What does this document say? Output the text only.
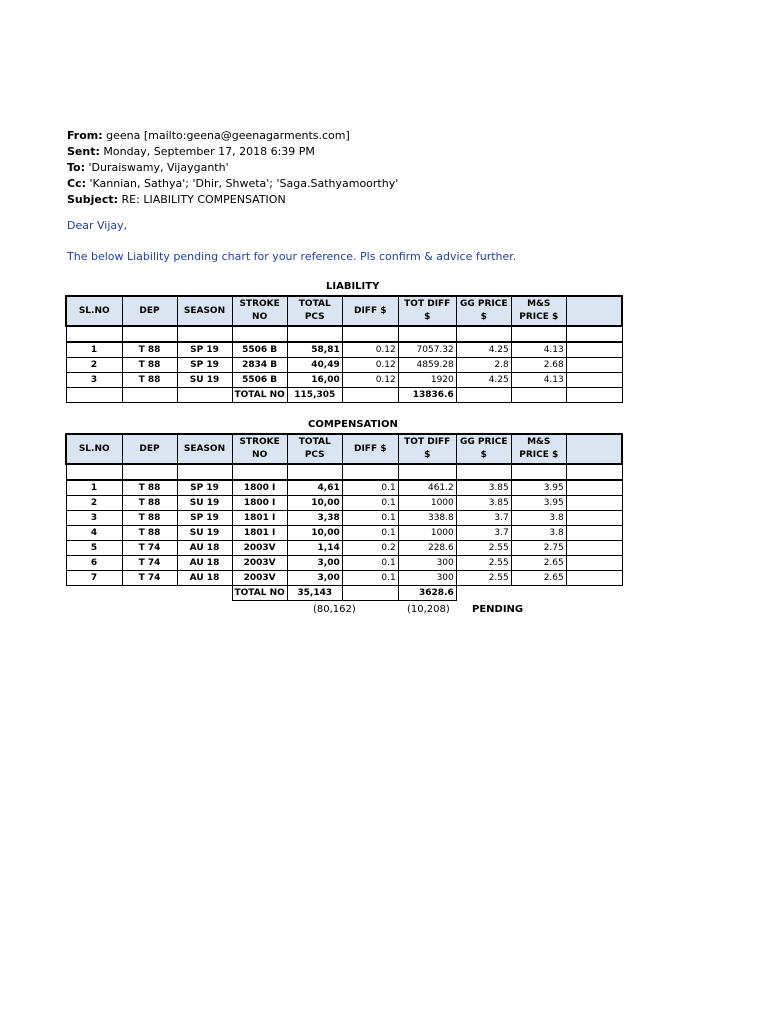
From: geena [mailto:geena@geenagarments.com]
Sent: Monday, September 17, 2018 6:39 PM
To: 'Duraiswamy, Vijayganth'
Cc: 'Kannian, Sathya'; 'Dhir, Shweta'; 'Saga.Sathyamoorthy'
Subject: RE: LIABILITY COMPENSATION
Dear Vijay,
The below Liability pending chart for your reference. Pls confirm & advice further.
LIABILITY
SL.NO	DEP	SEASON	STROKE NO	TOTAL PCS	DIFF $	TOT DIFF $	GG PRICE $	M&S PRICE $	

1	T 88	SP 19	5506 B	58,81	0.12	7057.32	4.25	4.13	
2	T 88	SP 19	2834 B	40,49	0.12	4859.28	2.8	2.68	
3	T 88	SU 19	5506 B	16,00	0.12	1920	4.25	4.13	
			TOTAL NO	115,305		13836.6			
COMPENSATION
SL.NO	DEP	SEASON	STROKE NO	TOTAL PCS	DIFF $	TOT DIFF $	GG PRICE $	M&S PRICE $	

1	T 88	SP 19	1800 I	4,61	0.1	461.2	3.85	3.95	
2	T 88	SU 19	1800 I	10,00	0.1	1000	3.85	3.95	
3	T 88	SP 19	1801 I	3,38	0.1	338.8	3.7	3.8	
4	T 88	SU 19	1801 I	10,00	0.1	1000	3.7	3.8	
5	T 74	AU 18	2003V	1,14	0.2	228.6	2.55	2.75	
6	T 74	AU 18	2003V	3,00	0.1	300	2.55	2.65	
7	T 74	AU 18	2003V	3,00	0.1	300	2.55	2.65	
			TOTAL NO	35,143		3628.6			
(80,162)	(10,208) PENDING
